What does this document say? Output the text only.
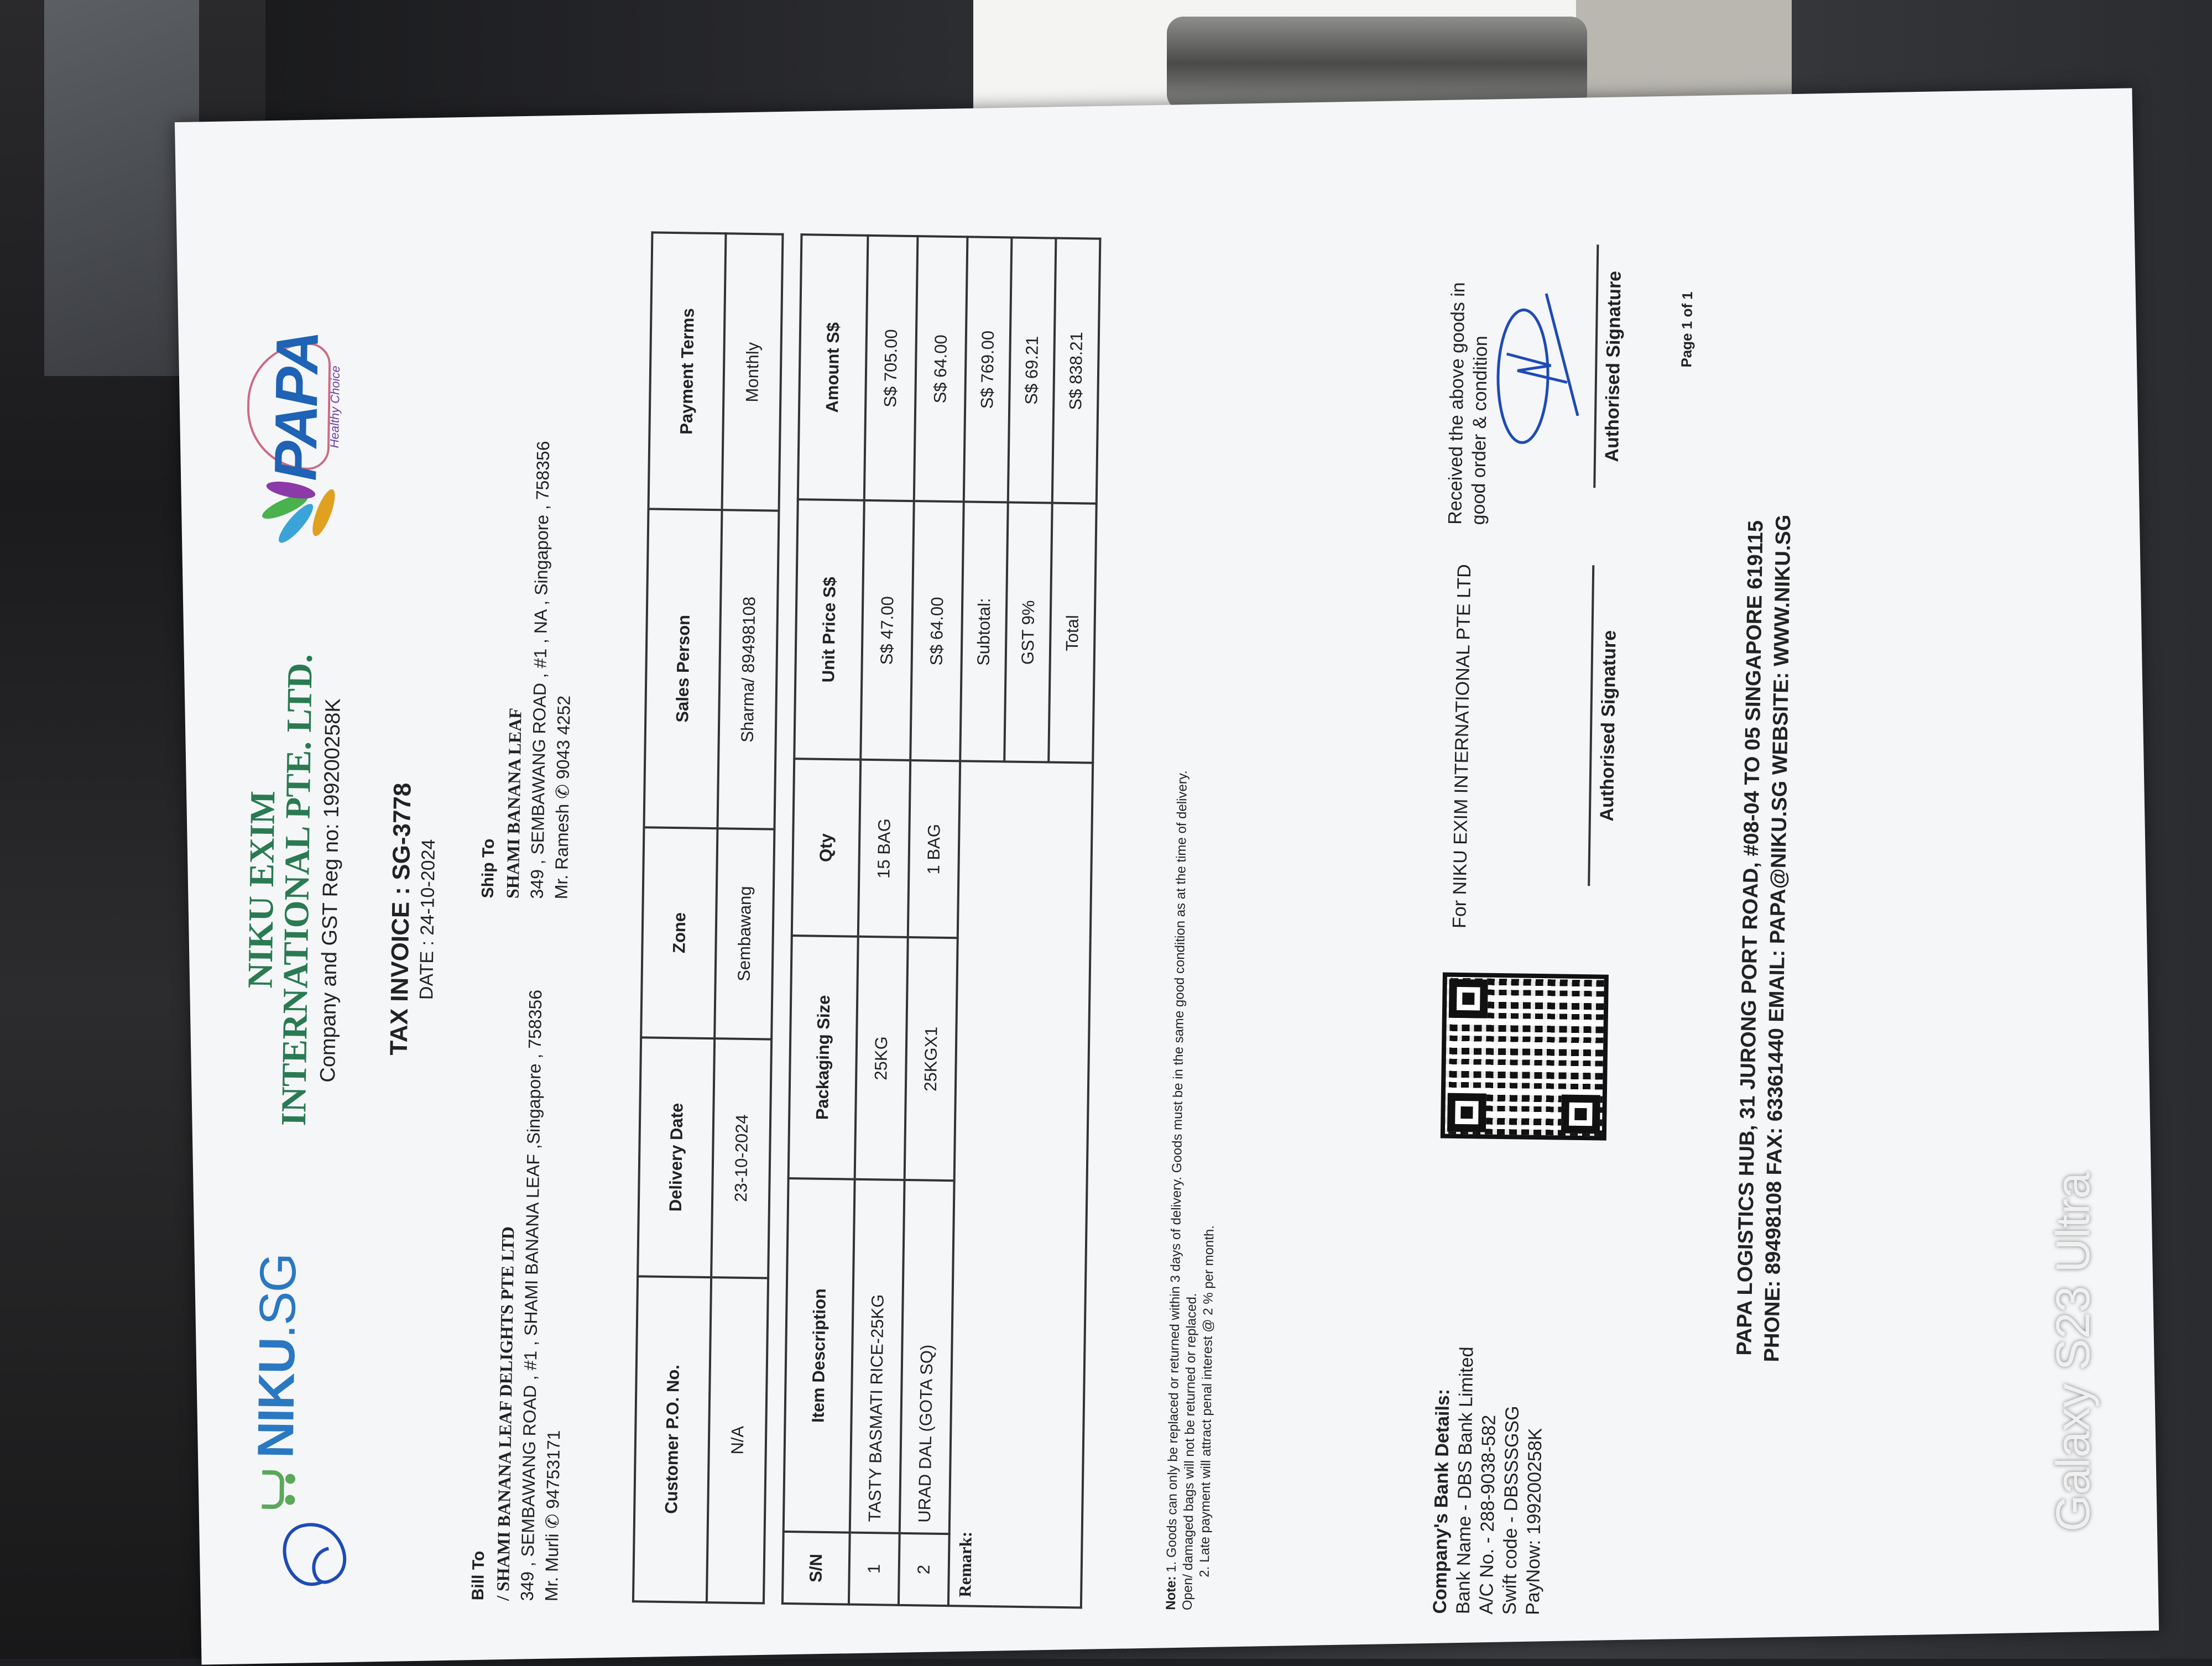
NIKU.SG
NIKU EXIM
INTERNATIONAL PTE. LTD.
Company and GST Reg no: 199200258K
PAPA
Healthy Choice
TAX INVOICE : SG-3778 DATE : 24-10-2024
Bill To / SHAMI BANANA LEAF DELIGHTS PTE LTD
349 , SEMBAWANG ROAD , #1 , SHAMI BANANA LEAF ,Singapore , 758356
Mr. Murli ✆ 94753171
Ship To SHAMI BANANA LEAF 349 , SEMBAWANG ROAD , #1 , NA , Singapore , 758356
Mr. Ramesh ✆ 9043 4252
Customer P.O. No.	Delivery Date	Zone	Sales Person	Payment Terms
N/A	23-10-2024	Sembawang	Sharma/ 89498108	Monthly
S/N	Item Description	Packaging Size	Qty	Unit Price S$	Amount S$
1	TASTY BASMATI RICE-25KG	25KG	15 BAG	S$ 47.00	S$ 705.00
2	URAD DAL (GOTA SQ)	25KGX1	1 BAG	S$ 64.00	S$ 64.00
Remark:				Subtotal:	S$ 769.00
				GST 9%	S$ 69.21
				Total	S$ 838.21
Note: 1. Goods can only be replaced or returned within 3 days of delivery. Goods must be in the same good condition as at the time of delivery. Open/ damaged bags will not be returned or replaced.
2. Late payment will attract penal interest @ 2 % per month.	Company's Bank Details:
Bank Name - DBS Bank Limited
A/C No. - 288-9038-582
Swift code - DBSSSGSG
PayNow: 199200258K
For NIKU EXIM INTERNATIONAL PTE LTD	Authorised Signature
Received the above goods in good order & condition	Authorised Signature	Page 1 of 1
PAPA LOGISTICS HUB, 31 JURONG PORT ROAD, #08-04 TO 05 SINGAPORE 619115
PHONE: 89498108 FAX: 63361440 EMAIL: PAPA@NIKU.SG WEBSITE: WWW.NIKU.SG	Galaxy S23 Ultra
